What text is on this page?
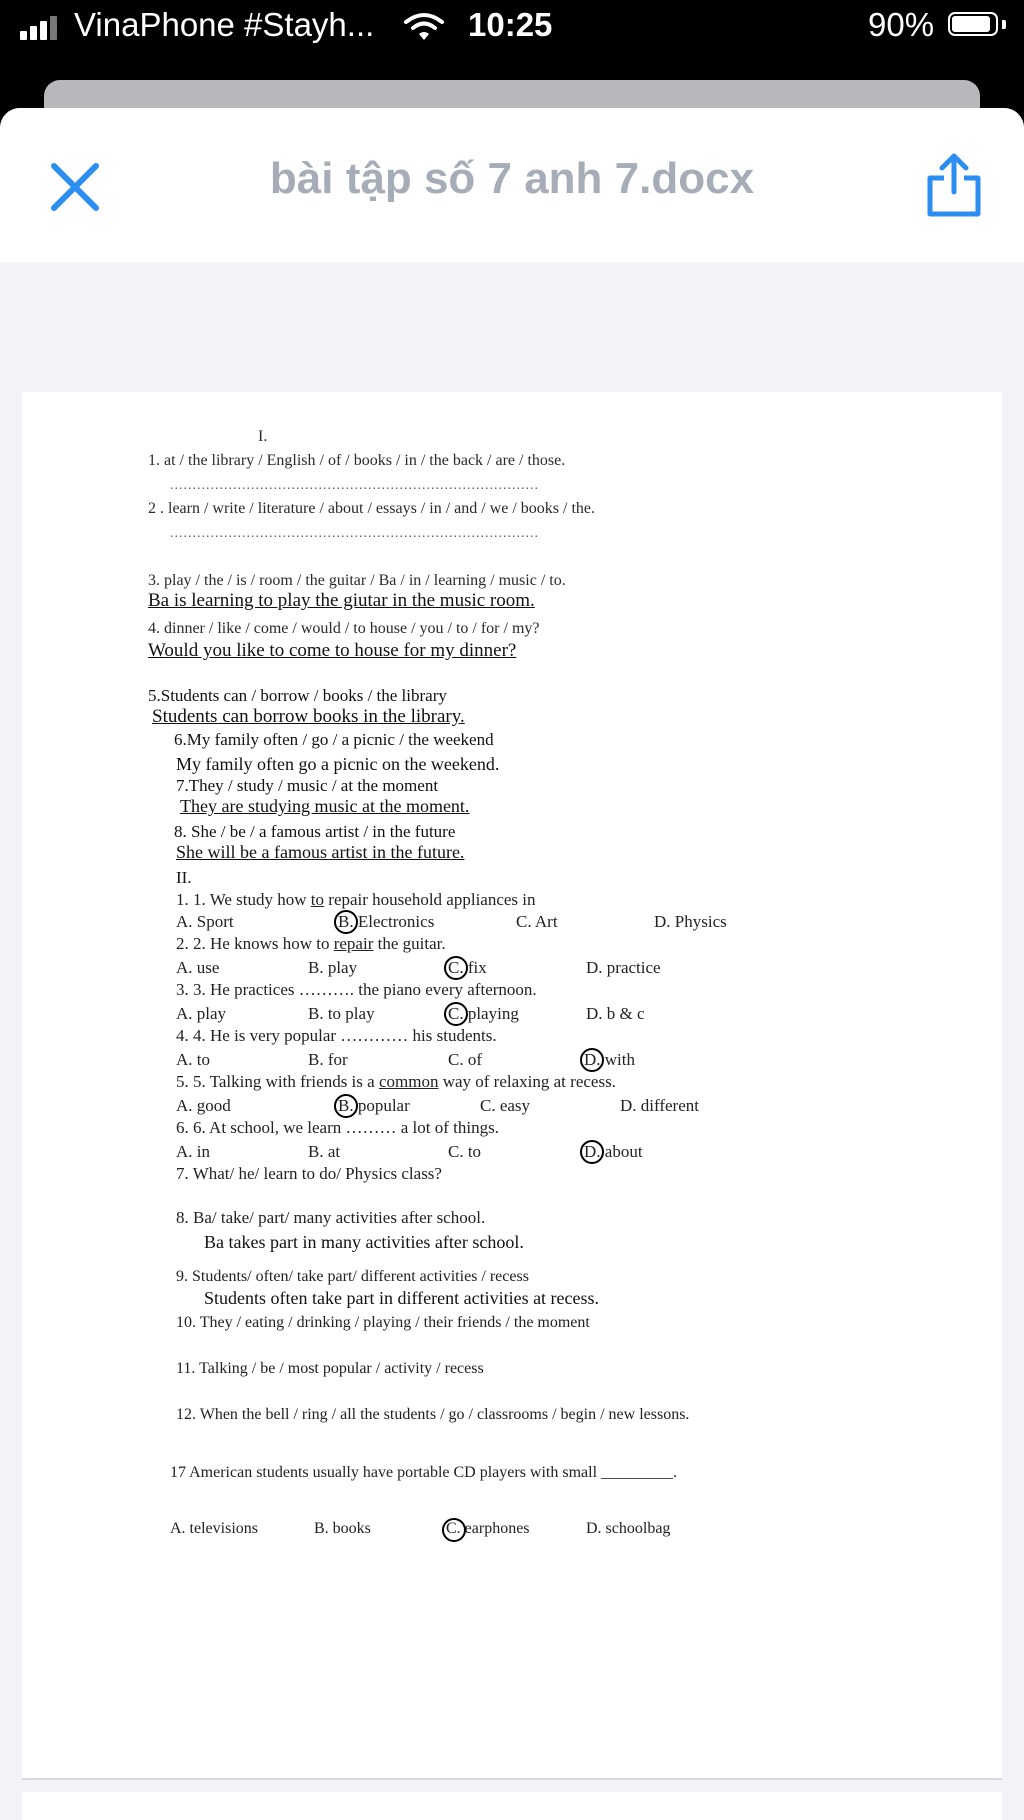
VinaPhone #Stayh...	10:25	90%
bài tập số 7 anh 7.docx
I.
1. at / the library / English / of / books / in / the back / are / those.
..................................................................................
2 . learn / write / literature / about / essays / in / and / we / books / the.
..................................................................................
3. play / the / is / room / the guitar / Ba / in / learning / music / to.
Ba is learning to play the giutar in the music room.
4. dinner / like / come / would / to house / you / to / for / my?
Would you like to come to house for my dinner?
5.Students can / borrow / books / the library
Students can borrow books in the library.
6.My family often / go / a picnic / the weekend
My family often go a picnic on the weekend.
7.They / study / music / at the moment
They are studying music at the moment.
8. She / be / a famous artist / in the future
She will be a famous artist in the future.
II.
1. 1. We study how to repair household appliances in
A. Sport	B. Electronics	C. Art	D. Physics
2. 2. He knows how to repair the guitar.
A. use	B. play	C. fix	D. practice
3. 3. He practices ………. the piano every afternoon.
A. play	B. to play	C. playing	D. b & c
4. 4. He is very popular ………… his students.
A. to	B. for	C. of	D. with
5. 5. Talking with friends is a common way of relaxing at recess.
A. good	B. popular	C. easy	D. different
6. 6. At school, we learn ……… a lot of things.
A. in	B. at	C. to	D. about
7. What/ he/ learn to do/ Physics class?
8. Ba/ take/ part/ many activities after school.
Ba takes part in many activities after school.
9. Students/ often/ take part/ different activities / recess
Students often take part in different activities at recess.
10. They / eating / drinking / playing / their friends / the moment
11. Talking / be / most popular / activity / recess
12. When the bell / ring / all the students / go / classrooms / begin / new lessons.
17 American students usually have portable CD players with small _________.
A. televisions	B. books	C. earphones	D. schoolbag
